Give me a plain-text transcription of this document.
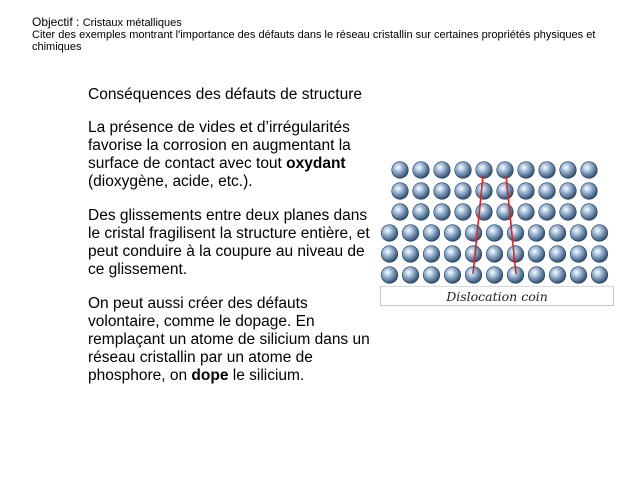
Objectif : Cristaux métalliques
Citer des exemples montrant l'importance des défauts dans le réseau cristallin sur certaines propriétés physiques et chimiques
Conséquences des défauts de structure
La présence de vides et d’irrégularités favorise la corrosion en augmentant la surface de contact avec tout oxydant (dioxygène, acide, etc.).
Des glissements entre deux planes dans le cristal fragilisent la structure entière, et peut conduire à la coupure au niveau de ce glissement.
On peut aussi créer des défauts volontaire, comme le dopage. En remplaçant un atome de silicium dans un réseau cristallin par un atome de phosphore, on dope le silicium.
Dislocation coin
